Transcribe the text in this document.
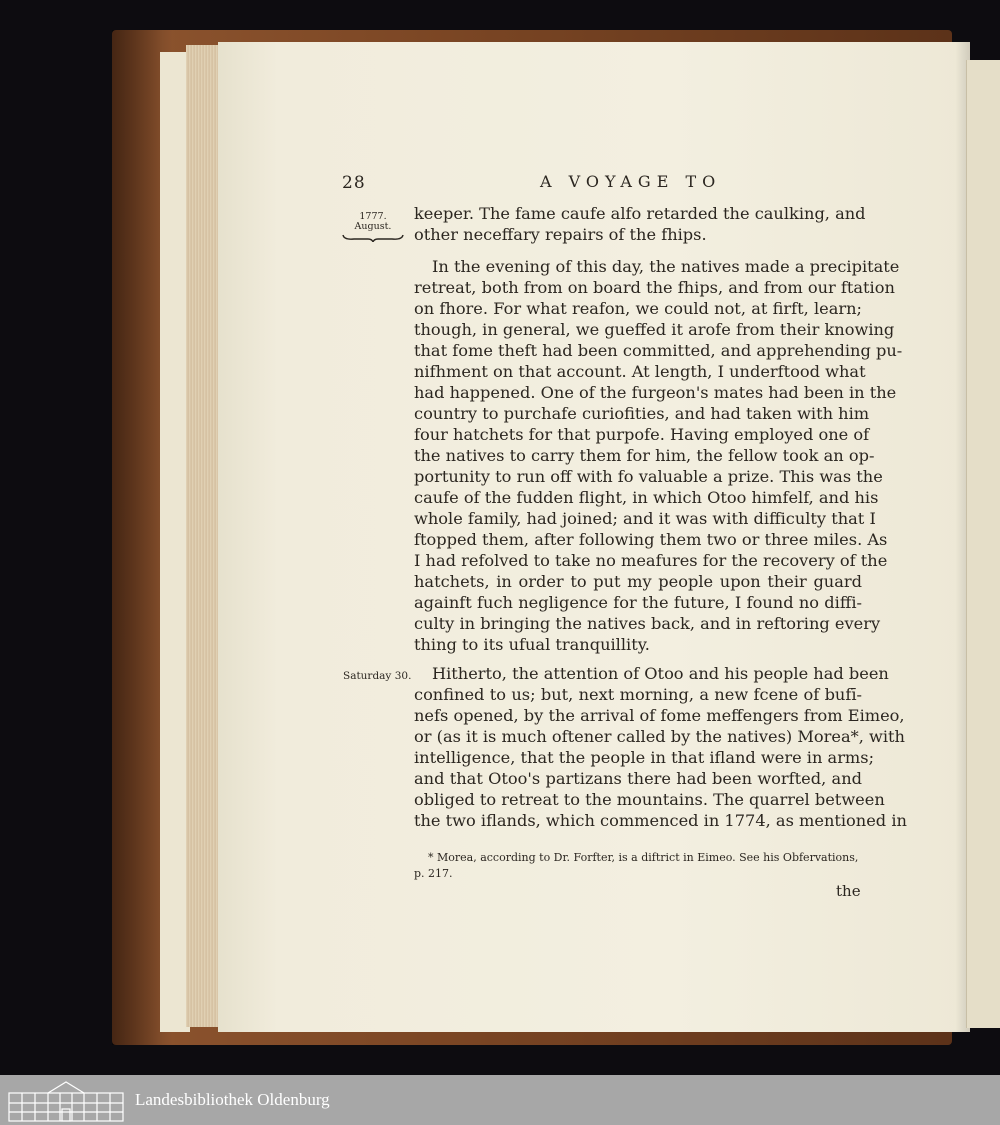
28	A VOYAGE TO
1777.
August.
Saturday 30.
keeper. The fame caufe alfo retarded the caulking, and
other neceffary repairs of the fhips.
In the evening of this day, the natives made a precipitate
retreat, both from on board the fhips, and from our ftation
on fhore. For what reafon, we could not, at firft, learn;
though, in general, we gueffed it arofe from their knowing
that fome theft had been committed, and apprehending pu-
nifhment on that account. At length, I underftood what
had happened. One of the furgeon's mates had been in the
country to purchafe curiofities, and had taken with him
four hatchets for that purpofe. Having employed one of
the natives to carry them for him, the fellow took an op-
portunity to run off with fo valuable a prize. This was the
caufe of the fudden flight, in which Otoo himfelf, and his
whole family, had joined; and it was with difficulty that I
ftopped them, after following them two or three miles. As
I had refolved to take no meafures for the recovery of the
hatchets, in order to put my people upon their guard
againft fuch negligence for the future, I found no diffi-
culty in bringing the natives back, and in reftoring every
thing to its ufual tranquillity.
Hitherto, the attention of Otoo and his people had been
confined to us; but, next morning, a new fcene of bufī-
nefs opened, by the arrival of fome meffengers from Eimeo,
or (as it is much oftener called by the natives) Morea*, with
intelligence, that the people in that ifland were in arms;
and that Otoo's partizans there had been worfted, and
obliged to retreat to the mountains. The quarrel between
the two iflands, which commenced in 1774, as mentioned in
* Morea, according to Dr. Forfter, is a diftrict in Eimeo. See his Obfervations,
p. 217.
the
Landesbibliothek Oldenburg
